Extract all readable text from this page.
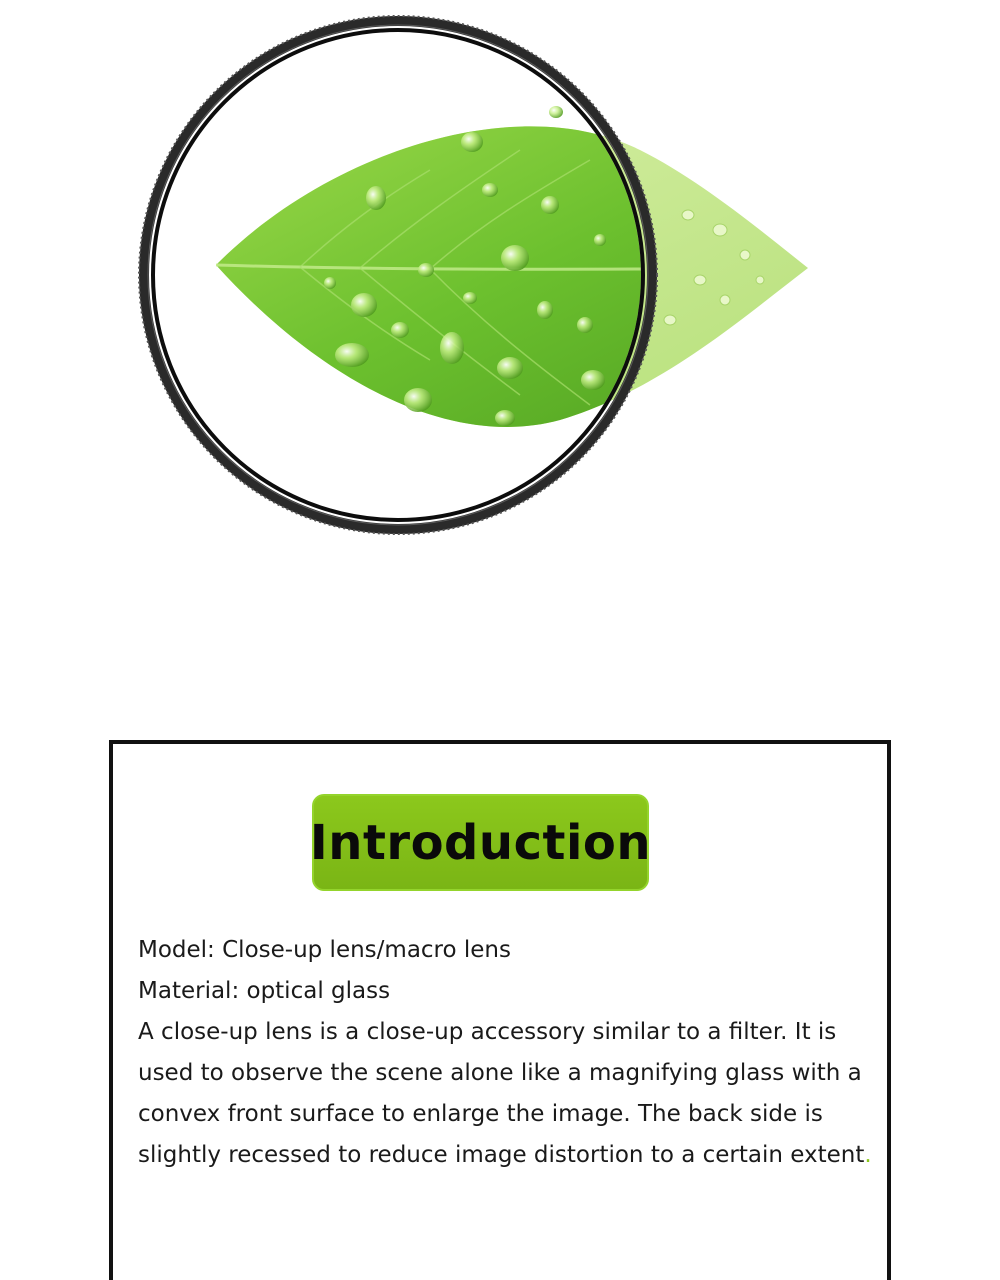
Introduction

Model: Close-up lens/macro lens

Material: optical glass

A close-up lens is a close-up accessory similar to a filter. It is used to observe the scene alone like a magnifying glass with a convex front surface to enlarge the image. The back side is slightly recessed to reduce image distortion to a certain extent.
